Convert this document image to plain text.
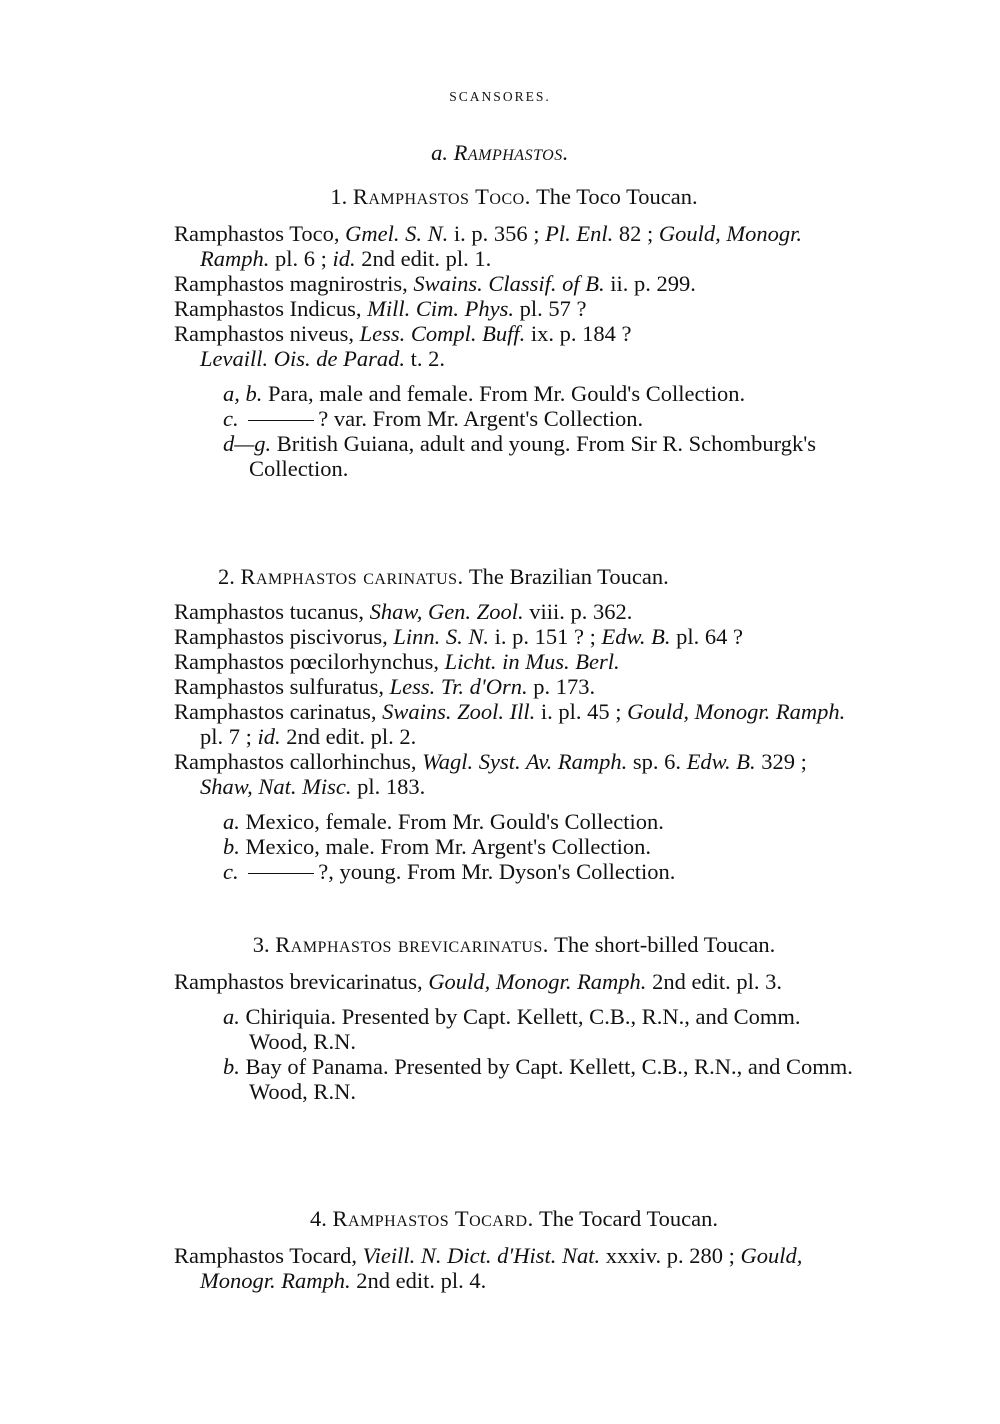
SCANSORES.
a. Ramphastos.
1. Ramphastos Toco. The Toco Toucan.
Ramphastos Toco, Gmel. S. N. i. p. 356 ; Pl. Enl. 82 ; Gould, Monogr. Ramph. pl. 6 ; id. 2nd edit. pl. 1.
Ramphastos magnirostris, Swains. Classif. of B. ii. p. 299.
Ramphastos Indicus, Mill. Cim. Phys. pl. 57 ?
Ramphastos niveus, Less. Compl. Buff. ix. p. 184 ?
Levaill. Ois. de Parad. t. 2.
a, b. Para, male and female. From Mr. Gould's Collection.
c.	? var. From Mr. Argent's Collection.
d—g. British Guiana, adult and young. From Sir R. Schomburgk's Collection.
2. Ramphastos carinatus. The Brazilian Toucan.
Ramphastos tucanus, Shaw, Gen. Zool. viii. p. 362.
Ramphastos piscivorus, Linn. S. N. i. p. 151 ? ; Edw. B. pl. 64 ?
Ramphastos pœcilorhynchus, Licht. in Mus. Berl.
Ramphastos sulfuratus, Less. Tr. d'Orn. p. 173.
Ramphastos carinatus, Swains. Zool. Ill. i. pl. 45 ; Gould, Monogr. Ramph. pl. 7 ; id. 2nd edit. pl. 2.
Ramphastos callorhinchus, Wagl. Syst. Av. Ramph. sp. 6. Edw. B. 329 ; Shaw, Nat. Misc. pl. 183.
a. Mexico, female. From Mr. Gould's Collection.
b. Mexico, male. From Mr. Argent's Collection.
c.	?, young. From Mr. Dyson's Collection.
3. Ramphastos brevicarinatus. The short-billed Toucan.
Ramphastos brevicarinatus, Gould, Monogr. Ramph. 2nd edit. pl. 3.
a. Chiriquia. Presented by Capt. Kellett, C.B., R.N., and Comm. Wood, R.N.
b. Bay of Panama. Presented by Capt. Kellett, C.B., R.N., and Comm. Wood, R.N.
4. Ramphastos Tocard. The Tocard Toucan.
Ramphastos Tocard, Vieill. N. Dict. d'Hist. Nat. xxxiv. p. 280 ; Gould, Monogr. Ramph. 2nd edit. pl. 4.
